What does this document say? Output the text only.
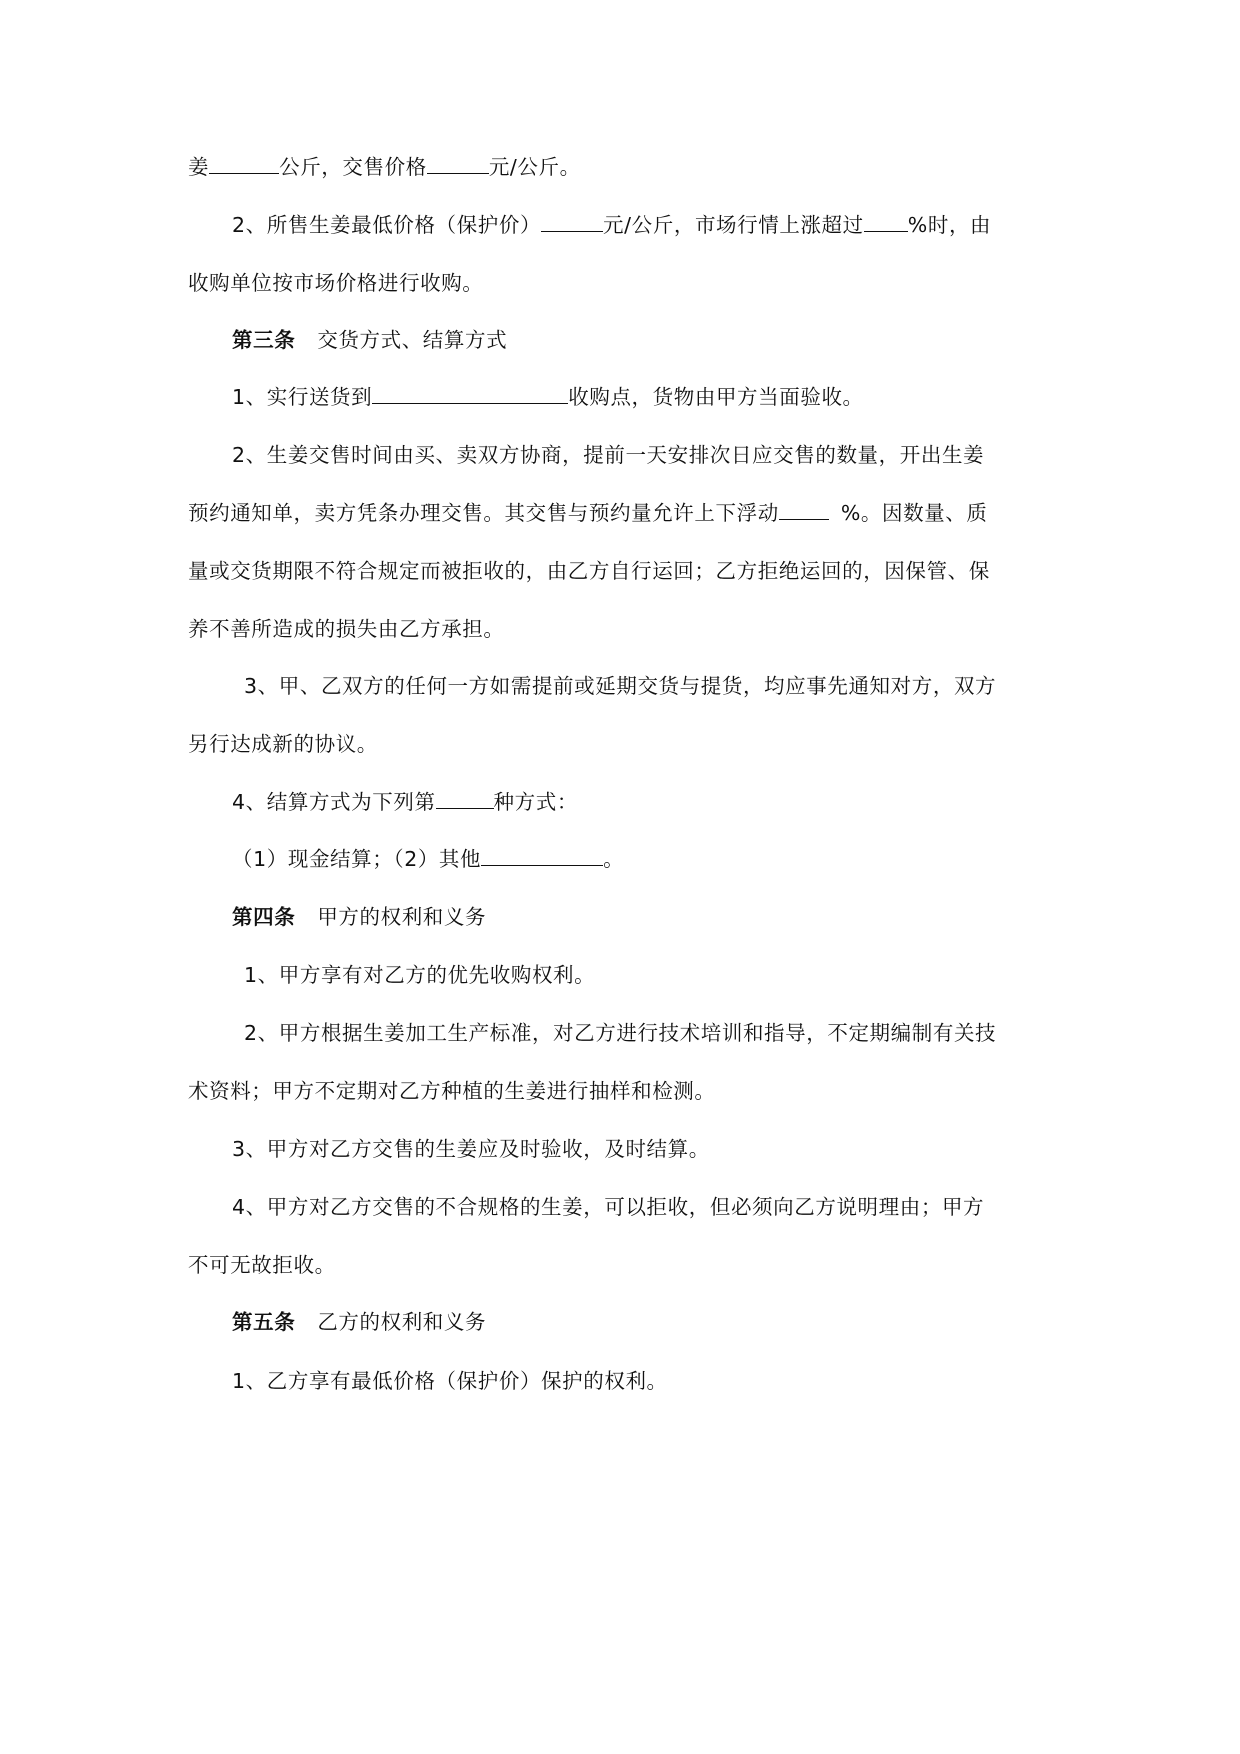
姜	公斤，交售价格	元/公斤。
2、所售生姜最低价格（保护价）	元/公斤，市场行情上涨超过 %时，由
收购单位按市场价格进行收购。
第三条 交货方式、结算方式
1、实行送货到	收购点，货物由甲方当面验收。
2、生姜交售时间由买、卖双方协商，提前一天安排次日应交售的数量，开出生姜
预约通知单，卖方凭条办理交售。其交售与预约量允许上下浮动	%。因数量、质
量或交货期限不符合规定而被拒收的，由乙方自行运回；乙方拒绝运回的，因保管、保
养不善所造成的损失由乙方承担。
3、甲、乙双方的任何一方如需提前或延期交货与提货，均应事先通知对方，双方
另行达成新的协议。
4、结算方式为下列第	种方式：
（1）现金结算；（2）其他	。
第四条 甲方的权利和义务
1、甲方享有对乙方的优先收购权利。
2、甲方根据生姜加工生产标准，对乙方进行技术培训和指导，不定期编制有关技
术资料；甲方不定期对乙方种植的生姜进行抽样和检测。
3、甲方对乙方交售的生姜应及时验收，及时结算。
4、甲方对乙方交售的不合规格的生姜，可以拒收，但必须向乙方说明理由；甲方
不可无故拒收。
第五条 乙方的权利和义务
1、乙方享有最低价格（保护价）保护的权利。
